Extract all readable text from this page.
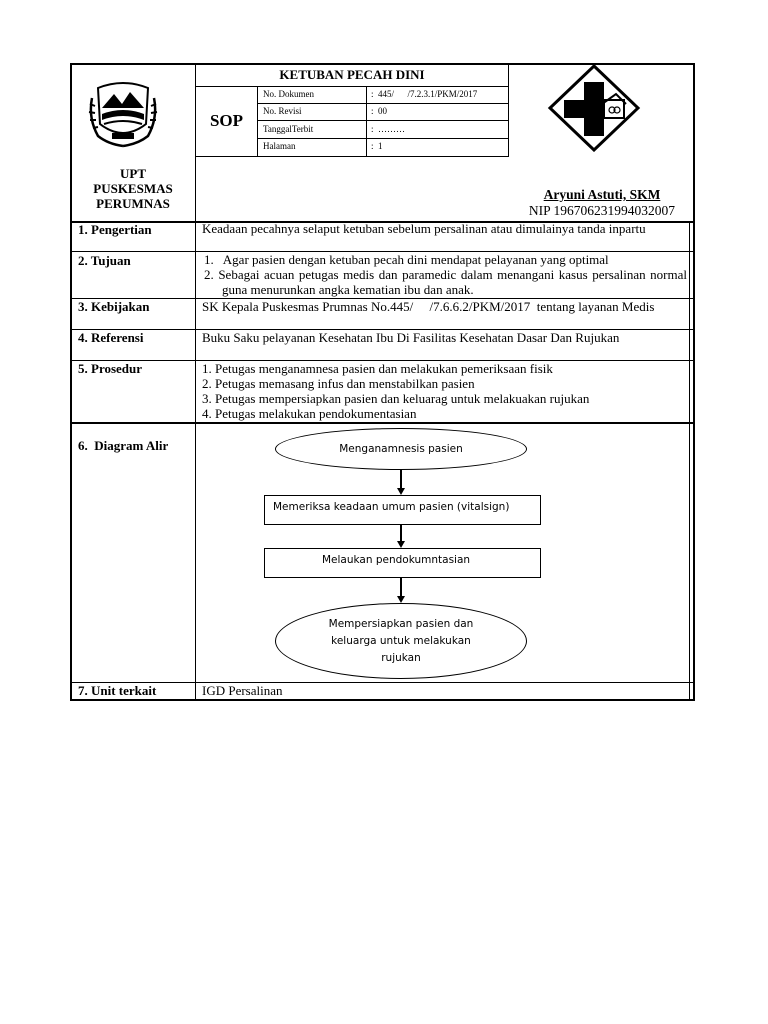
UPT
PUSKESMAS
PERUMNAS
KETUBAN PECAH DINI
SOP
No. Dokumen	:  445/      /7.2.3.1/PKM/2017
No. Revisi	:  00
TanggalTerbit	:  ………
Halaman	:  1
Aryuni Astuti, SKM
NIP 196706231994032007
1. Pengertian	Keadaan pecahnya selaput ketuban sebelum persalinan atau dimulainya tanda inpartu
2. Tujuan	1.   Agar pasien dengan ketuban pecah dini mendapat pelayanan yang optimal
2. Sebagai acuan petugas medis dan paramedic dalam menangani kasus persalinan normal guna menurunkan angka kematian ibu dan anak.
3. Kebijakan	SK Kepala Puskesmas Prumnas No.445/     /7.6.6.2/PKM/2017  tentang layanan Medis
4. Referensi	Buku Saku pelayanan Kesehatan Ibu Di Fasilitas Kesehatan Dasar Dan Rujukan
5. Prosedur	1. Petugas menganamnesa pasien dan melakukan pemeriksaan fisik
2. Petugas memasang infus dan menstabilkan pasien
3. Petugas mempersiapkan pasien dan keluarag untuk melakuakan rujukan
4. Petugas melakukan pendokumentasian
6.  Diagram Alir	Menganamnesis pasien
Memeriksa keadaan umum pasien (vitalsign)
Melaukan pendokumntasian
Mempersiapkan pasien dan
keluarga untuk melakukan
rujukan
7. Unit terkait	IGD Persalinan
